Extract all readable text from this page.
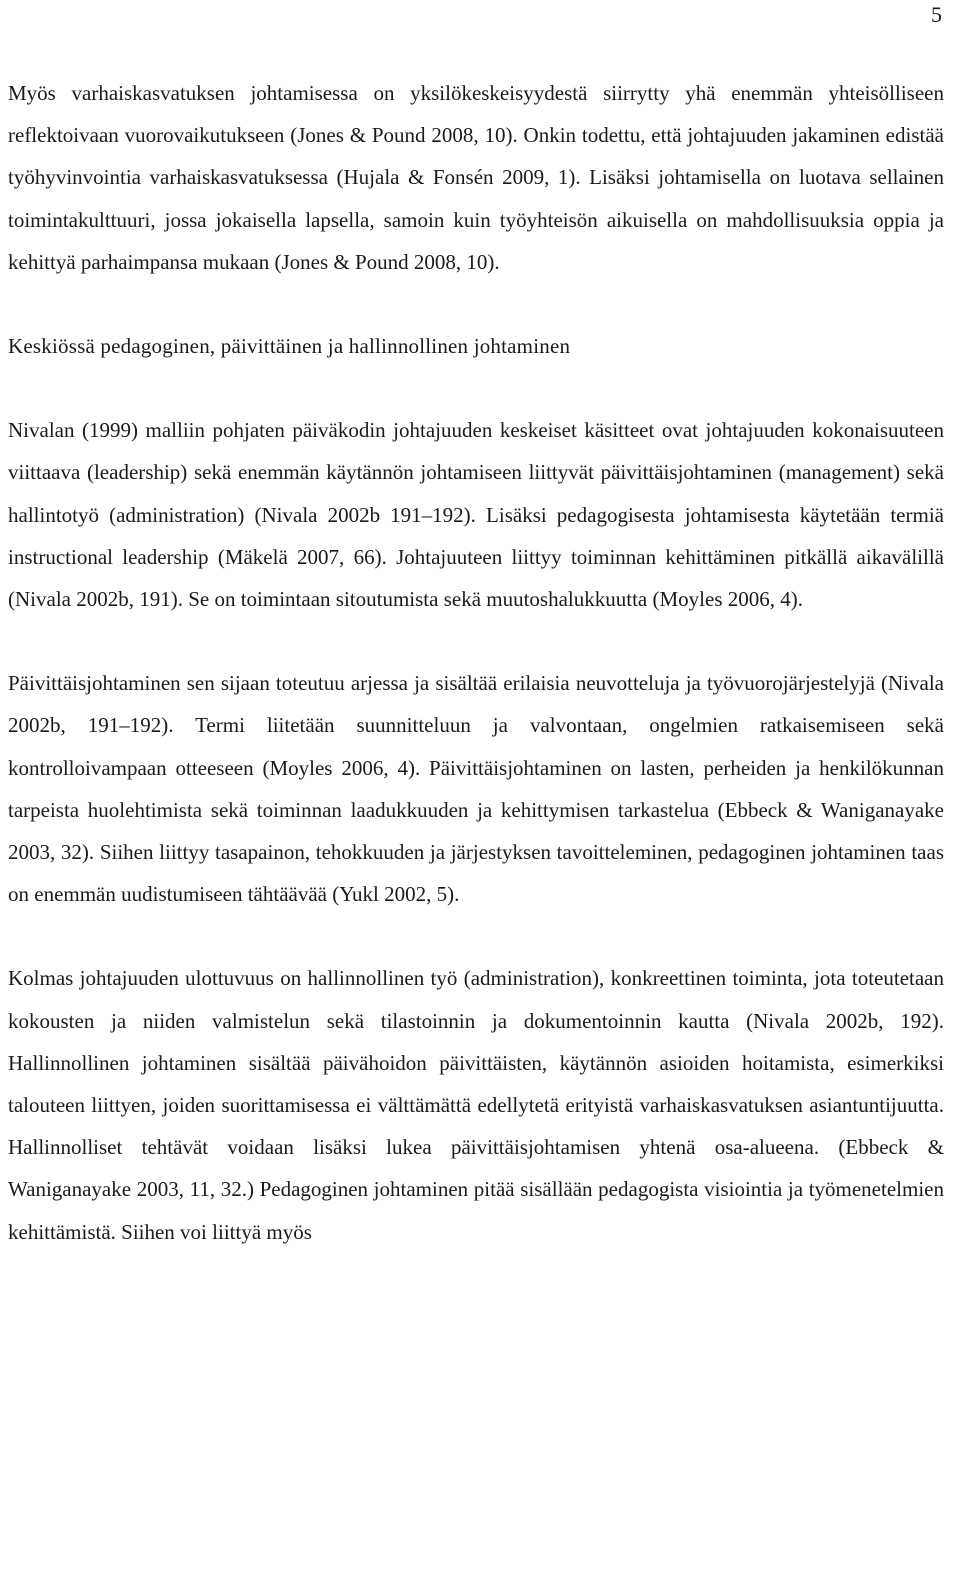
5

Myös varhaiskasvatuksen johtamisessa on yksilökeskeisyydestä siirrytty yhä enemmän yhteisölliseen reflektoivaan vuorovaikutukseen (Jones & Pound 2008, 10). Onkin todettu, että johtajuuden jakaminen edistää työhyvinvointia varhaiskasvatuksessa (Hujala & Fonsén 2009, 1). Lisäksi johtamisella on luotava sellainen toimintakulttuuri, jossa jokaisella lapsella, samoin kuin työyhteisön aikuisella on mahdollisuuksia oppia ja kehittyä parhaimpansa mukaan (Jones & Pound 2008, 10).

Keskiössä pedagoginen, päivittäinen ja hallinnollinen johtaminen

Nivalan (1999) malliin pohjaten päiväkodin johtajuuden keskeiset käsitteet ovat johtajuuden kokonaisuuteen viittaava (leadership) sekä enemmän käytännön johtamiseen liittyvät päivittäisjohtaminen (management) sekä hallintotyö (administration) (Nivala 2002b 191–192). Lisäksi pedagogisesta johtamisesta käytetään termiä instructional leadership (Mäkelä 2007, 66). Johtajuuteen liittyy toiminnan kehittäminen pitkällä aikavälillä (Nivala 2002b, 191). Se on toimintaan sitoutumista sekä muutoshalukkuutta (Moyles 2006, 4).

Päivittäisjohtaminen sen sijaan toteutuu arjessa ja sisältää erilaisia neuvotteluja ja työvuorojärjestelyjä (Nivala 2002b, 191–192). Termi liitetään suunnitteluun ja valvontaan, ongelmien ratkaisemiseen sekä kontrolloivampaan otteeseen (Moyles 2006, 4). Päivittäisjohtaminen on lasten, perheiden ja henkilökunnan tarpeista huolehtimista sekä toiminnan laadukkuuden ja kehittymisen tarkastelua (Ebbeck & Waniganayake 2003, 32). Siihen liittyy tasapainon, tehokkuuden ja järjestyksen tavoitteleminen, pedagoginen johtaminen taas on enemmän uudistumiseen tähtäävää (Yukl 2002, 5).

Kolmas johtajuuden ulottuvuus on hallinnollinen työ (administration), konkreettinen toiminta, jota toteutetaan kokousten ja niiden valmistelun sekä tilastoinnin ja dokumentoinnin kautta (Nivala 2002b, 192). Hallinnollinen johtaminen sisältää päivähoidon päivittäisten, käytännön asioiden hoitamista, esimerkiksi talouteen liittyen, joiden suorittamisessa ei välttämättä edellytetä erityistä varhaiskasvatuksen asiantuntijuutta. Hallinnolliset tehtävät voidaan lisäksi lukea päivittäisjohtamisen yhtenä osa-alueena. (Ebbeck & Waniganayake 2003, 11, 32.) Pedagoginen johtaminen pitää sisällään pedagogista visiointia ja työmenetelmien kehittämistä. Siihen voi liittyä myös
